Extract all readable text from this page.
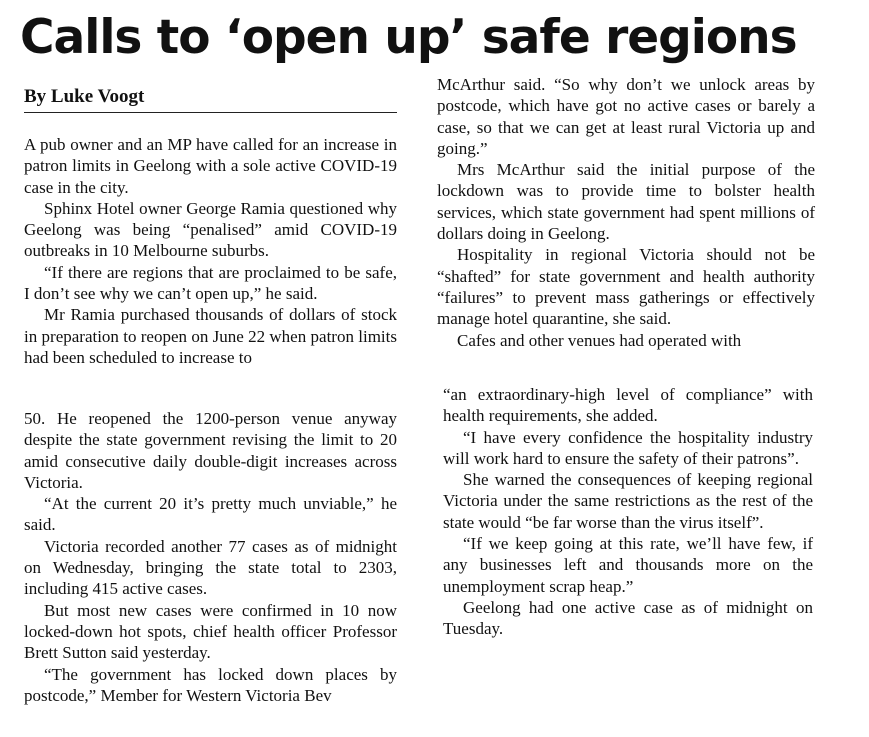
Calls to ‘open up’ safe regions
By Luke Voogt

A pub owner and an MP have called for an increase in patron limits in Geelong with a sole active COVID-19 case in the city.

Sphinx Hotel owner George Ramia questioned why Geelong was being “penalised” amid COVID-19 outbreaks in 10 Melbourne suburbs.

“If there are regions that are proclaimed to be safe, I don’t see why we can’t open up,” he said.

Mr Ramia purchased thousands of dollars of stock in preparation to reopen on June 22 when patron limits had been scheduled to increase to

50. He reopened the 1200-person venue anyway despite the state government revising the limit to 20 amid consecutive daily double-digit increases across Victoria.

“At the current 20 it’s pretty much unviable,” he said.

Victoria recorded another 77 cases as of midnight on Wednesday, bringing the state total to 2303, including 415 active cases.

But most new cases were confirmed in 10 now locked-down hot spots, chief health officer Professor Brett Sutton said yesterday.

“The government has locked down places by postcode,” Member for Western Victoria Bev

McArthur said. “So why don’t we unlock areas by postcode, which have got no active cases or barely a case, so that we can get at least rural Victoria up and going.”

Mrs McArthur said the initial purpose of the lockdown was to provide time to bolster health services, which state government had spent millions of dollars doing in Geelong.

Hospitality in regional Victoria should not be “shafted” for state government and health authority “failures” to prevent mass gatherings or effectively manage hotel quarantine, she said.

Cafes and other venues had operated with

“an extraordinary-high level of compliance” with health requirements, she added.

“I have every confidence the hospitality industry will work hard to ensure the safety of their patrons”.

She warned the consequences of keeping regional Victoria under the same restrictions as the rest of the state would “be far worse than the virus itself”.

“If we keep going at this rate, we’ll have few, if any businesses left and thousands more on the unemployment scrap heap.”

Geelong had one active case as of midnight on Tuesday.
